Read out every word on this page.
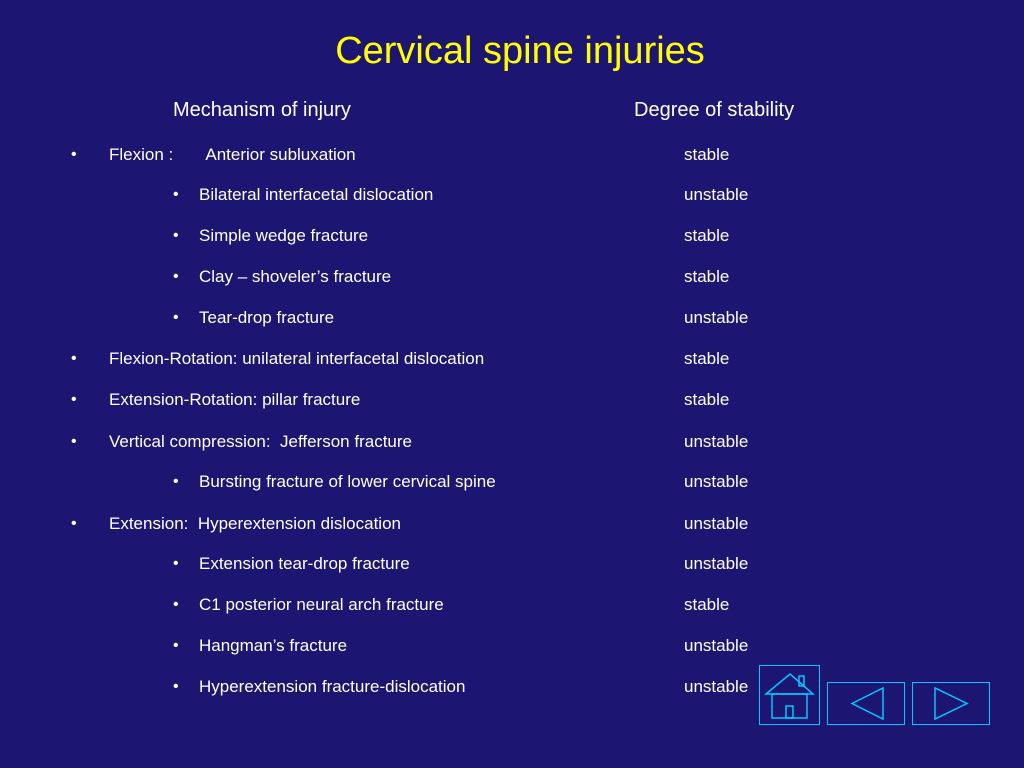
Cervical spine injuries
Mechanism of injury	Degree of stability
• Flexion :       Anterior subluxation	stable
• Bilateral interfacetal dislocation	unstable
• Simple wedge fracture	stable
• Clay – shoveler’s fracture	stable
• Tear-drop fracture	unstable
• Flexion-Rotation: unilateral interfacetal dislocation	stable
• Extension-Rotation: pillar fracture	stable
• Vertical compression:  Jefferson fracture	unstable
• Bursting fracture of lower cervical spine	unstable
• Extension:  Hyperextension dislocation	unstable
• Extension tear-drop fracture	unstable
• C1 posterior neural arch fracture	stable
• Hangman’s fracture	unstable
• Hyperextension fracture-dislocation	unstable
